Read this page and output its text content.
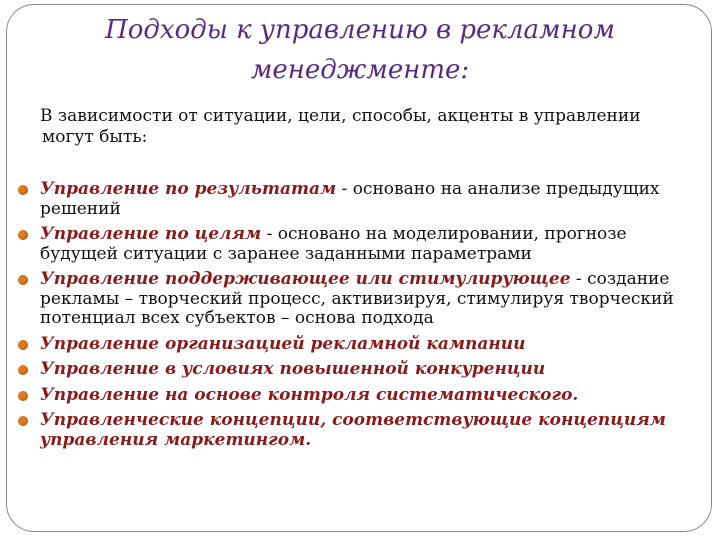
Подходы к управлению в рекламном
менеджменте:
В зависимости от ситуации, цели, способы, акценты в управлении
могут быть:
Управление по результатам - основано на анализе предыдущих решений
Управление по целям - основано на моделировании, прогнозе будущей ситуации с заранее заданными параметрами
Управление поддерживающее или стимулирующее - создание рекламы – творческий процесс, активизируя, стимулируя творческий потенциал всех субъектов – основа подхода
Управление организацией рекламной кампании
Управление в условиях повышенной конкуренции
Управление на основе контроля систематического.
Управленческие концепции, соответствующие концепциям управления маркетингом.
